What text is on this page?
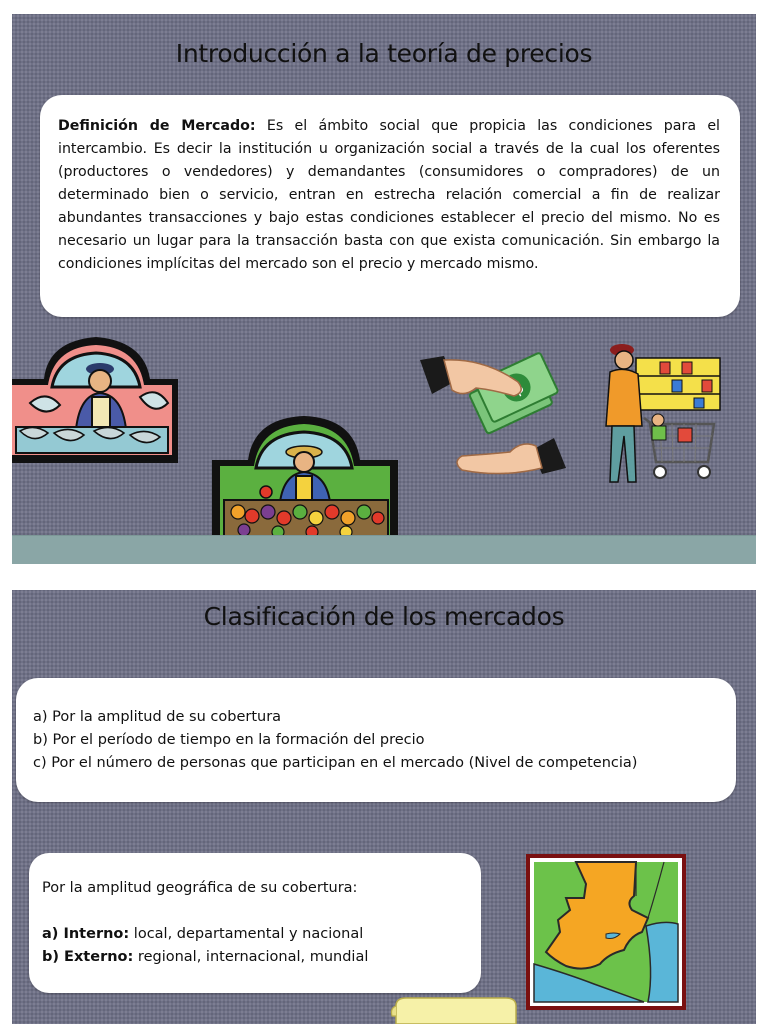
Introducción a la teoría de precios

Definición de Mercado: Es el ámbito social que propicia las condiciones para el intercambio. Es decir la institución u organización social a través de la cual los oferentes (productores o vendedores) y demandantes (consumidores o compradores) de un determinado bien o servicio, entran en estrecha relación comercial a fin de realizar abundantes transacciones y bajo estas condiciones establecer el precio del mismo. No es necesario un lugar para la transacción basta con que exista comunicación. Sin embargo la condiciones implícitas del mercado son el precio y mercado mismo.

Clasificación de los mercados
a) Por la amplitud de su cobertura
b) Por el período de tiempo en la formación del precio
c) Por el número de personas que participan en el mercado (Nivel de competencia)
Por la amplitud geográfica de su cobertura:
a) Interno: local, departamental y nacional
b) Externo: regional, internacional, mundial
